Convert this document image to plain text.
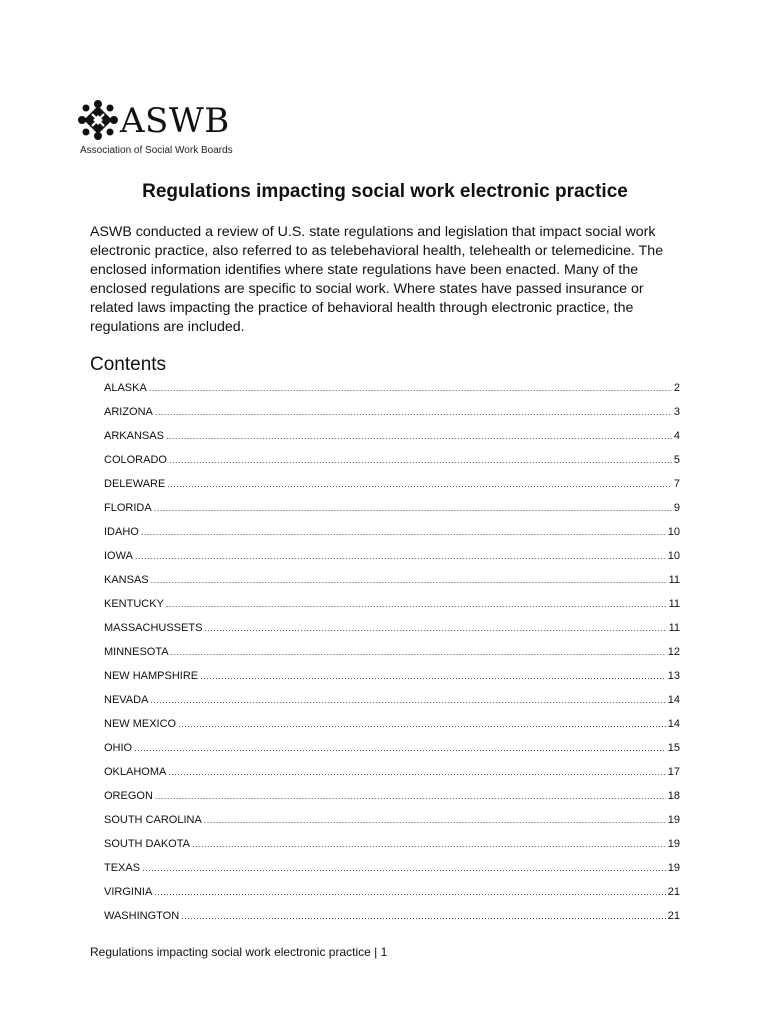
ASWB
Association of Social Work Boards
Regulations impacting social work electronic practice

ASWB conducted a review of U.S. state regulations and legislation that impact social work electronic practice, also referred to as telebehavioral health, telehealth or telemedicine. The enclosed information identifies where state regulations have been enacted. Many of the enclosed regulations are specific to social work. Where states have passed insurance or related laws impacting the practice of behavioral health through electronic practice, the regulations are included.

Contents
ALASKA .....	2
ARIZONA .....	3
ARKANSAS .....	4
COLORADO .....	5
DELEWARE .....	7
FLORIDA .....	9
IDAHO .....	10
IOWA .....	10
KANSAS .....	11
KENTUCKY .....	11
MASSACHUSSETS .....	11
MINNESOTA .....	12
NEW HAMPSHIRE .....	13
NEVADA .....	14
NEW MEXICO .....	14
OHIO .....	15
OKLAHOMA .....	17
OREGON .....	18
SOUTH CAROLINA .....	19
SOUTH DAKOTA .....	19
TEXAS .....	19
VIRGINIA .....	21
WASHINGTON .....	21
Regulations impacting social work electronic practice | 1
